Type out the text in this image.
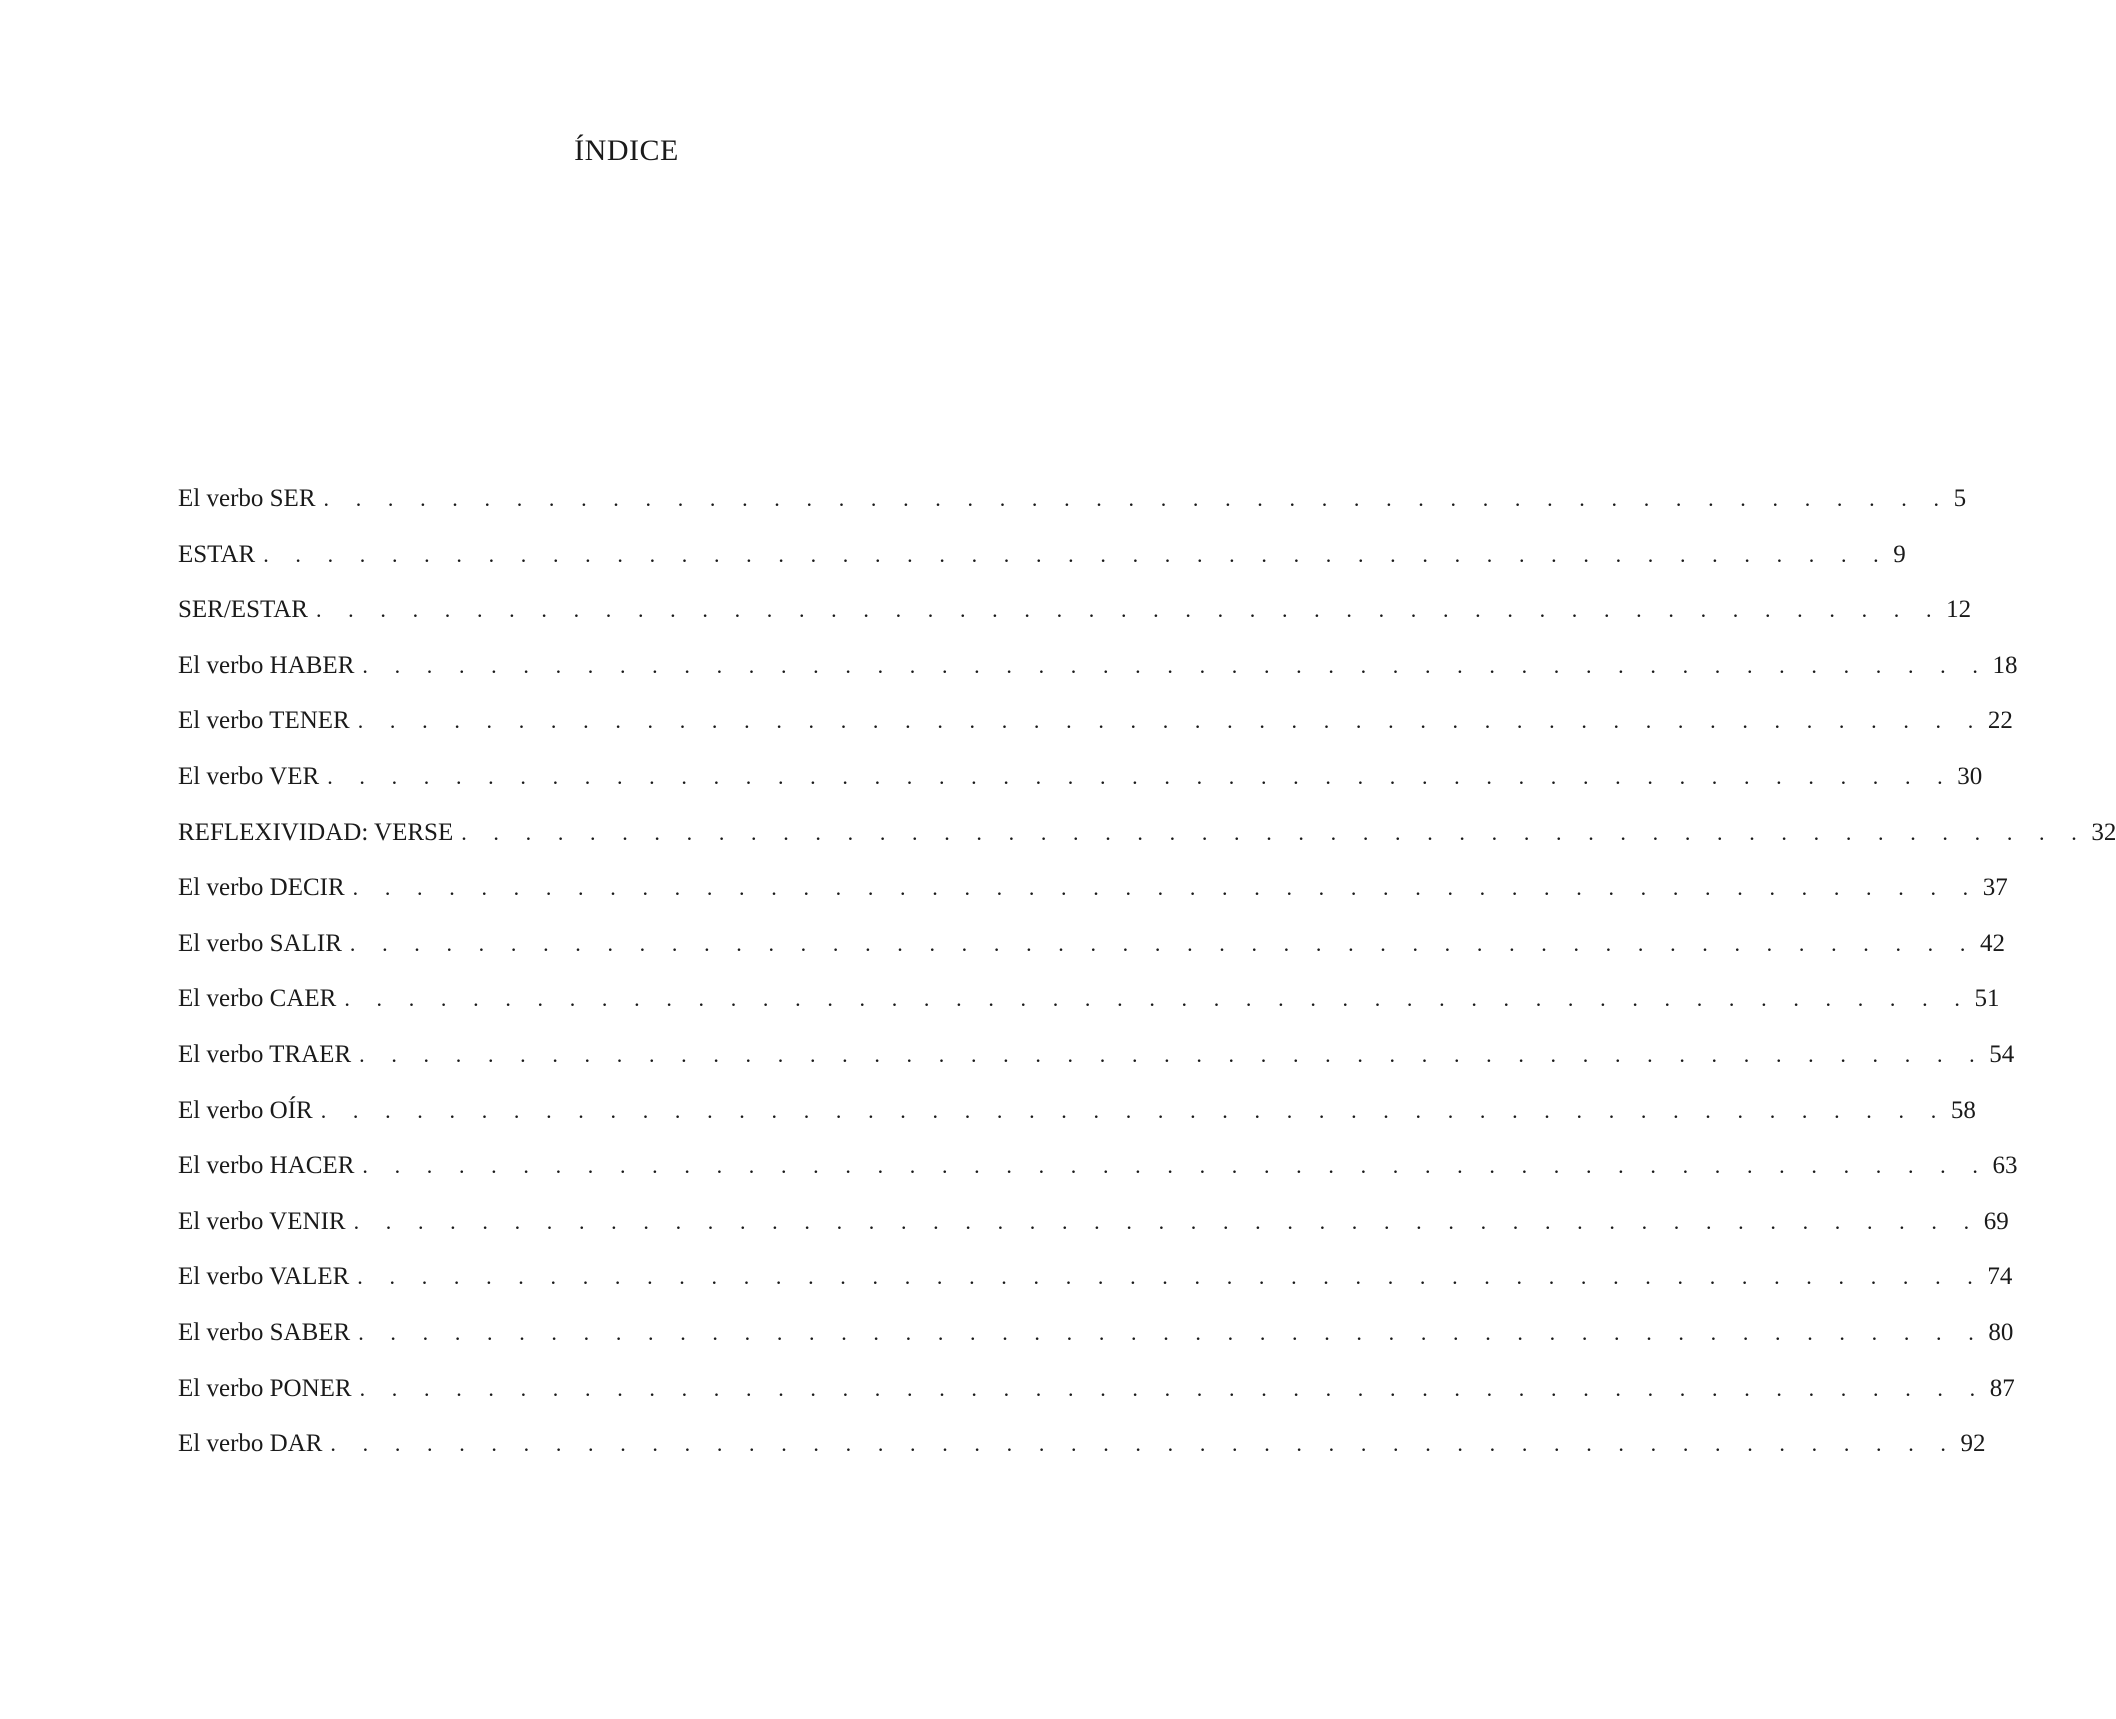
ÍNDICE
El verbo SER . . . . . . . . . . . . . . . . . . . . . . . . . . . . . . . . . . . . . . . . . . . . . . . . . . . 5
ESTAR . . . . . . . . . . . . . . . . . . . . . . . . . . . . . . . . . . . . . . . . . . . . . . . . . . . 9
SER/ESTAR . . . . . . . . . . . . . . . . . . . . . . . . . . . . . . . . . . . . . . . . . . . . . . . . . . . 12
El verbo HABER . . . . . . . . . . . . . . . . . . . . . . . . . . . . . . . . . . . . . . . . . . . . . . . . . . . 18
El verbo TENER . . . . . . . . . . . . . . . . . . . . . . . . . . . . . . . . . . . . . . . . . . . . . . . . . . . 22
El verbo VER . . . . . . . . . . . . . . . . . . . . . . . . . . . . . . . . . . . . . . . . . . . . . . . . . . . 30
REFLEXIVIDAD: VERSE . . . . . . . . . . . . . . . . . . . . . . . . . . . . . . . . . . . . . . . . . . . . . . . . . . . 32
El verbo DECIR . . . . . . . . . . . . . . . . . . . . . . . . . . . . . . . . . . . . . . . . . . . . . . . . . . . 37
El verbo SALIR . . . . . . . . . . . . . . . . . . . . . . . . . . . . . . . . . . . . . . . . . . . . . . . . . . . 42
El verbo CAER . . . . . . . . . . . . . . . . . . . . . . . . . . . . . . . . . . . . . . . . . . . . . . . . . . . 51
El verbo TRAER . . . . . . . . . . . . . . . . . . . . . . . . . . . . . . . . . . . . . . . . . . . . . . . . . . . 54
El verbo OÍR . . . . . . . . . . . . . . . . . . . . . . . . . . . . . . . . . . . . . . . . . . . . . . . . . . . 58
El verbo HACER . . . . . . . . . . . . . . . . . . . . . . . . . . . . . . . . . . . . . . . . . . . . . . . . . . . 63
El verbo VENIR . . . . . . . . . . . . . . . . . . . . . . . . . . . . . . . . . . . . . . . . . . . . . . . . . . . 69
El verbo VALER . . . . . . . . . . . . . . . . . . . . . . . . . . . . . . . . . . . . . . . . . . . . . . . . . . . 74
El verbo SABER . . . . . . . . . . . . . . . . . . . . . . . . . . . . . . . . . . . . . . . . . . . . . . . . . . . 80
El verbo PONER . . . . . . . . . . . . . . . . . . . . . . . . . . . . . . . . . . . . . . . . . . . . . . . . . . . 87
El verbo DAR . . . . . . . . . . . . . . . . . . . . . . . . . . . . . . . . . . . . . . . . . . . . . . . . . . . 92
